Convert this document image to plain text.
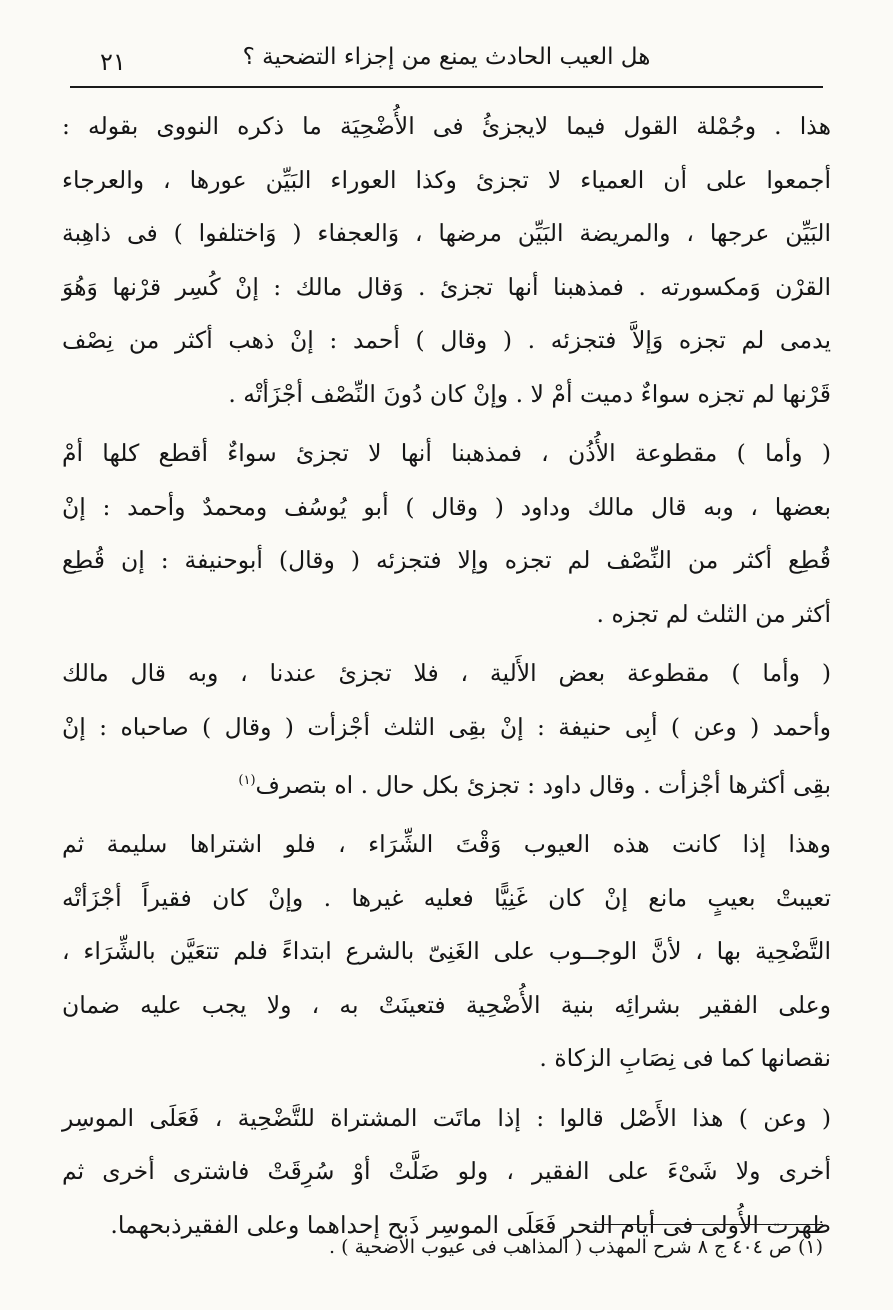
هل العيب الحادث يمنع من إجزاء التضحية ؟
٢١
هذا . وجُمْلة القول فيما لايجزئُ فى الأُضْحِيَة ما ذكره النووى بقوله :
أجمعوا على أن العمياء لا تجزئ وكذا العوراء البَيِّن عورها ، والعرجاء
البَيِّن عرجها ، والمريضة البَيِّن مرضها ، وَالعجفاء ( وَاختلفوا ) فى ذاهِبة
القرْن وَمكسورته . فمذهبنا أنها تجزئ . وَقال مالك : إنْ كُسِر قرْنها وَهُوَ
يدمى لم تجزه وَإلاَّ فتجزئه . ( وقال ) أحمد : إنْ ذهب أكثر من نِصْف
قَرْنها لم تجزه سواءٌ دميت أمْ لا . وإنْ كان دُونَ النِّصْف أجْزَأتْه .
( وأما ) مقطوعة الأُذُن ، فمذهبنا أنها لا تجزئ سواءٌ أقطع كلها أمْ
بعضها ، وبه قال مالك وداود ( وقال ) أبو يُوسُف ومحمدٌ وأحمد : إنْ
قُطِع أكثر من النِّصْف لم تجزه وإلا فتجزئه ( وقال) أبوحنيفة : إن قُطِع
أكثر من الثلث لم تجزه .
( وأما ) مقطوعة بعض الأَلية ، فلا تجزئ عندنا ، وبه قال مالك
وأحمد ( وعن ) أبِى حنيفة : إنْ بقِى الثلث أجْزأت ( وقال ) صاحباه : إنْ
بقِى أكثرها أجْزأت . وقال داود : تجزئ بكل حال . اه بتصرف$^{(١)}$
وهذا إذا كانت هذه العيوب وَقْتَ الشِّرَاء ، فلو اشتراها سليمة ثم
تعيبتْ بعيبٍ مانع إنْ كان غَنِيًّا فعليه غيرها . وإنْ كان فقيراً أجْزَأتْه
التَّضْحِية بها ، لأنَّ الوجــوب على الغَنِىّ بالشرع ابتداءً فلم تتعَيَّن بالشِّرَاء ،
وعلى الفقير بشرائِه بنية الأُضْحِية فتعينَتْ به ، ولا يجب عليه ضمان
نقصانها كما فى نِصَابِ الزكاة .
( وعن ) هذا الأَصْل قالوا : إذا ماتَت المشتراة للتَّضْحِية ، فَعَلَى الموسِر
أخرى ولا شَىْءَ على الفقير ، ولو ضَلَّتْ أوْ سُرِقَتْ فاشترى أخرى ثم
ظهرت الأُولى فى أيام النحر فَعَلَى الموسِر ذَبح إحداهما وعلى الفقيرذبحهما.
(١) ص ٤٠٤ ج ٨ شرح المهذب ( المذاهب فى عيوب الأضحية ) .
